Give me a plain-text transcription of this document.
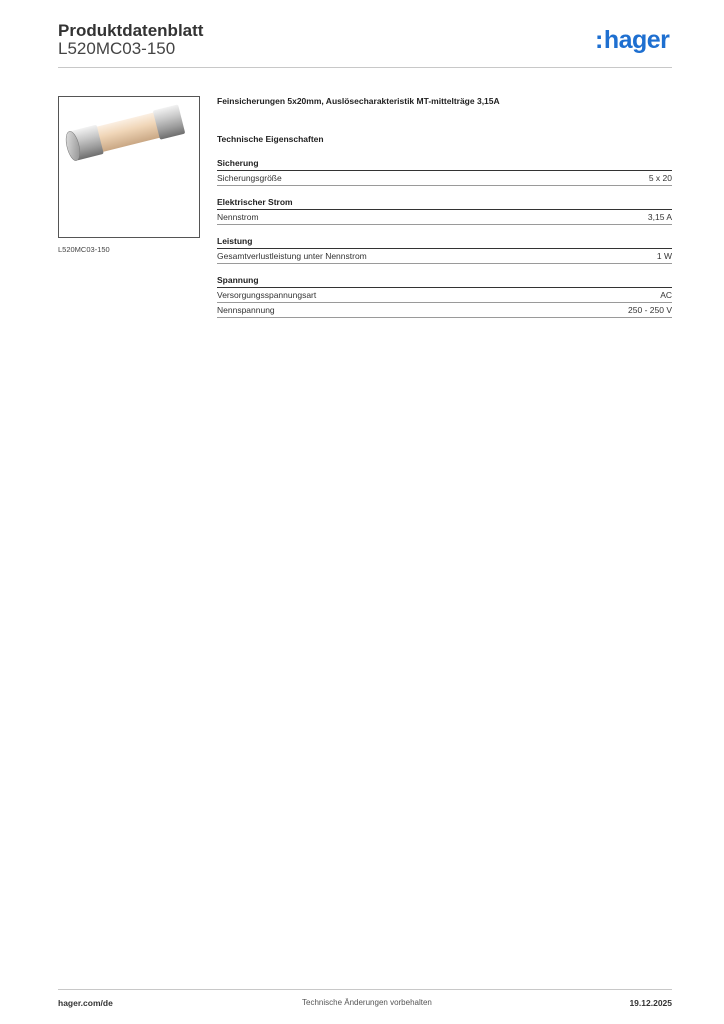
Produktdatenblatt
L520MC03-150	:hager
L520MC03-150
Feinsicherungen 5x20mm, Auslösecharakteristik MT-mittelträge 3,15A
Technische Eigenschaften
Sicherung
Sicherungsgröße	5 x 20
Elektrischer Strom
Nennstrom	3,15 A
Leistung
Gesamtverlustleistung unter Nennstrom	1 W
Spannung
Versorgungsspannungsart	AC
Nennspannung	250 - 250 V
hager.com/de	Technische Änderungen vorbehalten	19.12.2025
